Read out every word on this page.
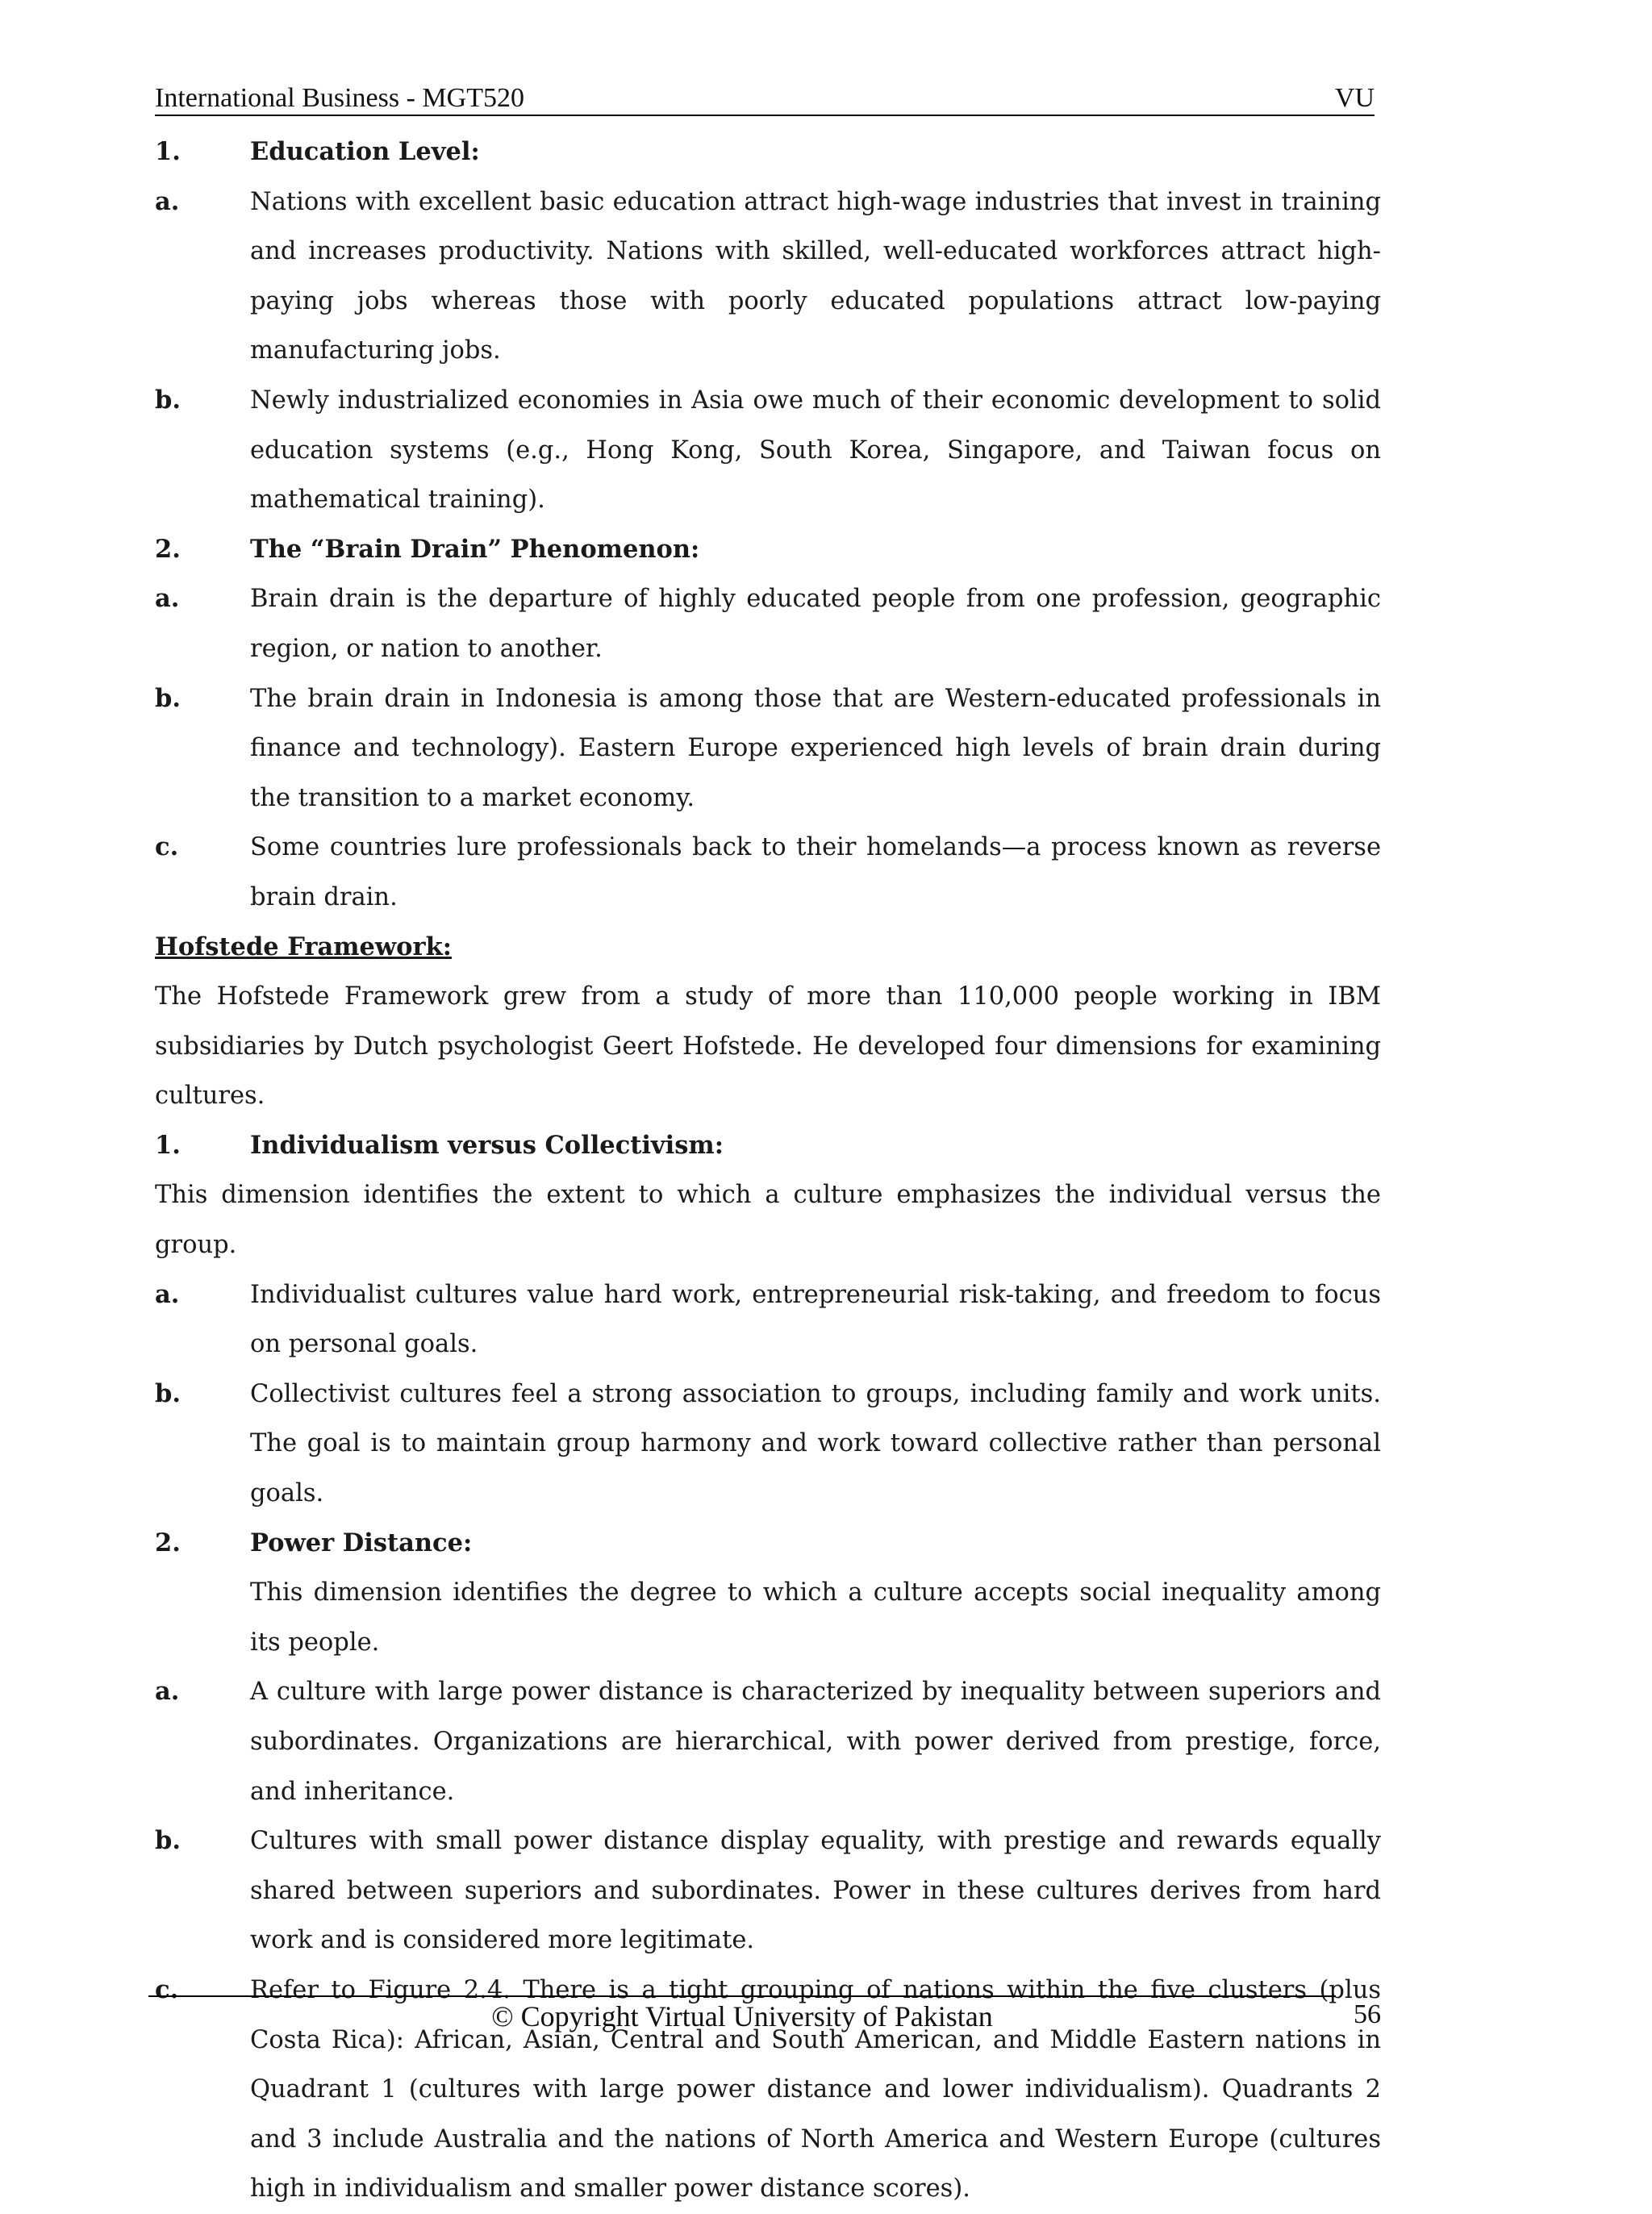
International Business - MGT520	VU
1.	Education Level:
a.	Nations with excellent basic education attract high-wage industries that invest in training and increases productivity. Nations with skilled, well-educated workforces attract high-paying jobs whereas those with poorly educated populations attract low-paying manufacturing jobs.
b.	Newly industrialized economies in Asia owe much of their economic development to solid education systems (e.g., Hong Kong, South Korea, Singapore, and Taiwan focus on mathematical training).
2.	The “Brain Drain” Phenomenon:
a.	Brain drain is the departure of highly educated people from one profession, geographic region, or nation to another.
b.	The brain drain in Indonesia is among those that are Western-educated professionals in finance and technology). Eastern Europe experienced high levels of brain drain during the transition to a market economy.
c.	Some countries lure professionals back to their homelands—a process known as reverse brain drain.
Hofstede Framework:
The Hofstede Framework grew from a study of more than 110,000 people working in IBM subsidiaries by Dutch psychologist Geert Hofstede. He developed four dimensions for examining cultures.
1.	Individualism versus Collectivism:
This dimension identifies the extent to which a culture emphasizes the individual versus the group.
a.	Individualist cultures value hard work, entrepreneurial risk-taking, and freedom to focus on personal goals.
b.	Collectivist cultures feel a strong association to groups, including family and work units. The goal is to maintain group harmony and work toward collective rather than personal goals.
2.	Power Distance:
This dimension identifies the degree to which a culture accepts social inequality among its people.
a.	A culture with large power distance is characterized by inequality between superiors and subordinates. Organizations are hierarchical, with power derived from prestige, force, and inheritance.
b.	Cultures with small power distance display equality, with prestige and rewards equally shared between superiors and subordinates. Power in these cultures derives from hard work and is considered more legitimate.
c.	Refer to Figure 2.4. There is a tight grouping of nations within the five clusters (plus Costa Rica): African, Asian, Central and South American, and Middle Eastern nations in Quadrant 1 (cultures with large power distance and lower individualism). Quadrants 2 and 3 include Australia and the nations of North America and Western Europe (cultures high in individualism and smaller power distance scores).
© Copyright Virtual University of Pakistan	56
